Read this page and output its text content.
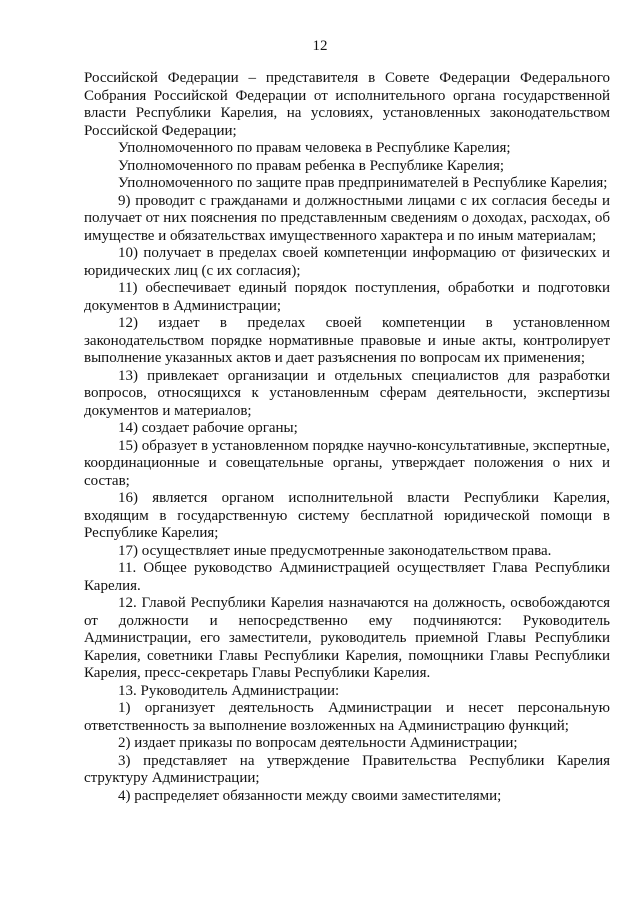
12

Российской Федерации – представителя в Совете Федерации Федерального Собрания Российской Федерации от исполнительного органа государственной власти Республики Карелия, на условиях, установленных законодательством Российской Федерации;

Уполномоченного по правам человека в Республике Карелия;

Уполномоченного по правам ребенка в Республике Карелия;

Уполномоченного по защите прав предпринимателей в Республике Карелия;

9) проводит с гражданами и должностными лицами с их согласия беседы и получает от них пояснения по представленным сведениям о доходах, расходах, об имуществе и обязательствах имущественного характера и по иным материалам;

10) получает в пределах своей компетенции информацию от физических и юридических лиц (с их согласия);

11) обеспечивает единый порядок поступления, обработки и подготовки документов в Администрации;

12) издает в пределах своей компетенции в установленном законодательством порядке нормативные правовые и иные акты, контролирует выполнение указанных актов и дает разъяснения по вопросам их применения;

13) привлекает организации и отдельных специалистов для разработки вопросов, относящихся к установленным сферам деятельности, экспертизы документов и материалов;

14) создает рабочие органы;

15) образует в установленном порядке научно-консультативные, экспертные, координационные и совещательные органы, утверждает положения о них и состав;

16) является органом исполнительной власти Республики Карелия, входящим в государственную систему бесплатной юридической помощи в Республике Карелия;

17) осуществляет иные предусмотренные законодательством права.

11. Общее руководство Администрацией осуществляет Глава Республики Карелия.

12. Главой Республики Карелия назначаются на должность, освобождаются от должности и непосредственно ему подчиняются: Руководитель Администрации, его заместители, руководитель приемной Главы Республики Карелия, советники Главы Республики Карелия, помощники Главы Республики Карелия, пресс-секретарь Главы Республики Карелия.

13. Руководитель Администрации:

1) организует деятельность Администрации и несет персональную ответственность за выполнение возложенных на Администрацию функций;

2) издает приказы по вопросам деятельности Администрации;

3) представляет на утверждение Правительства Республики Карелия структуру Администрации;

4) распределяет обязанности между своими заместителями;
